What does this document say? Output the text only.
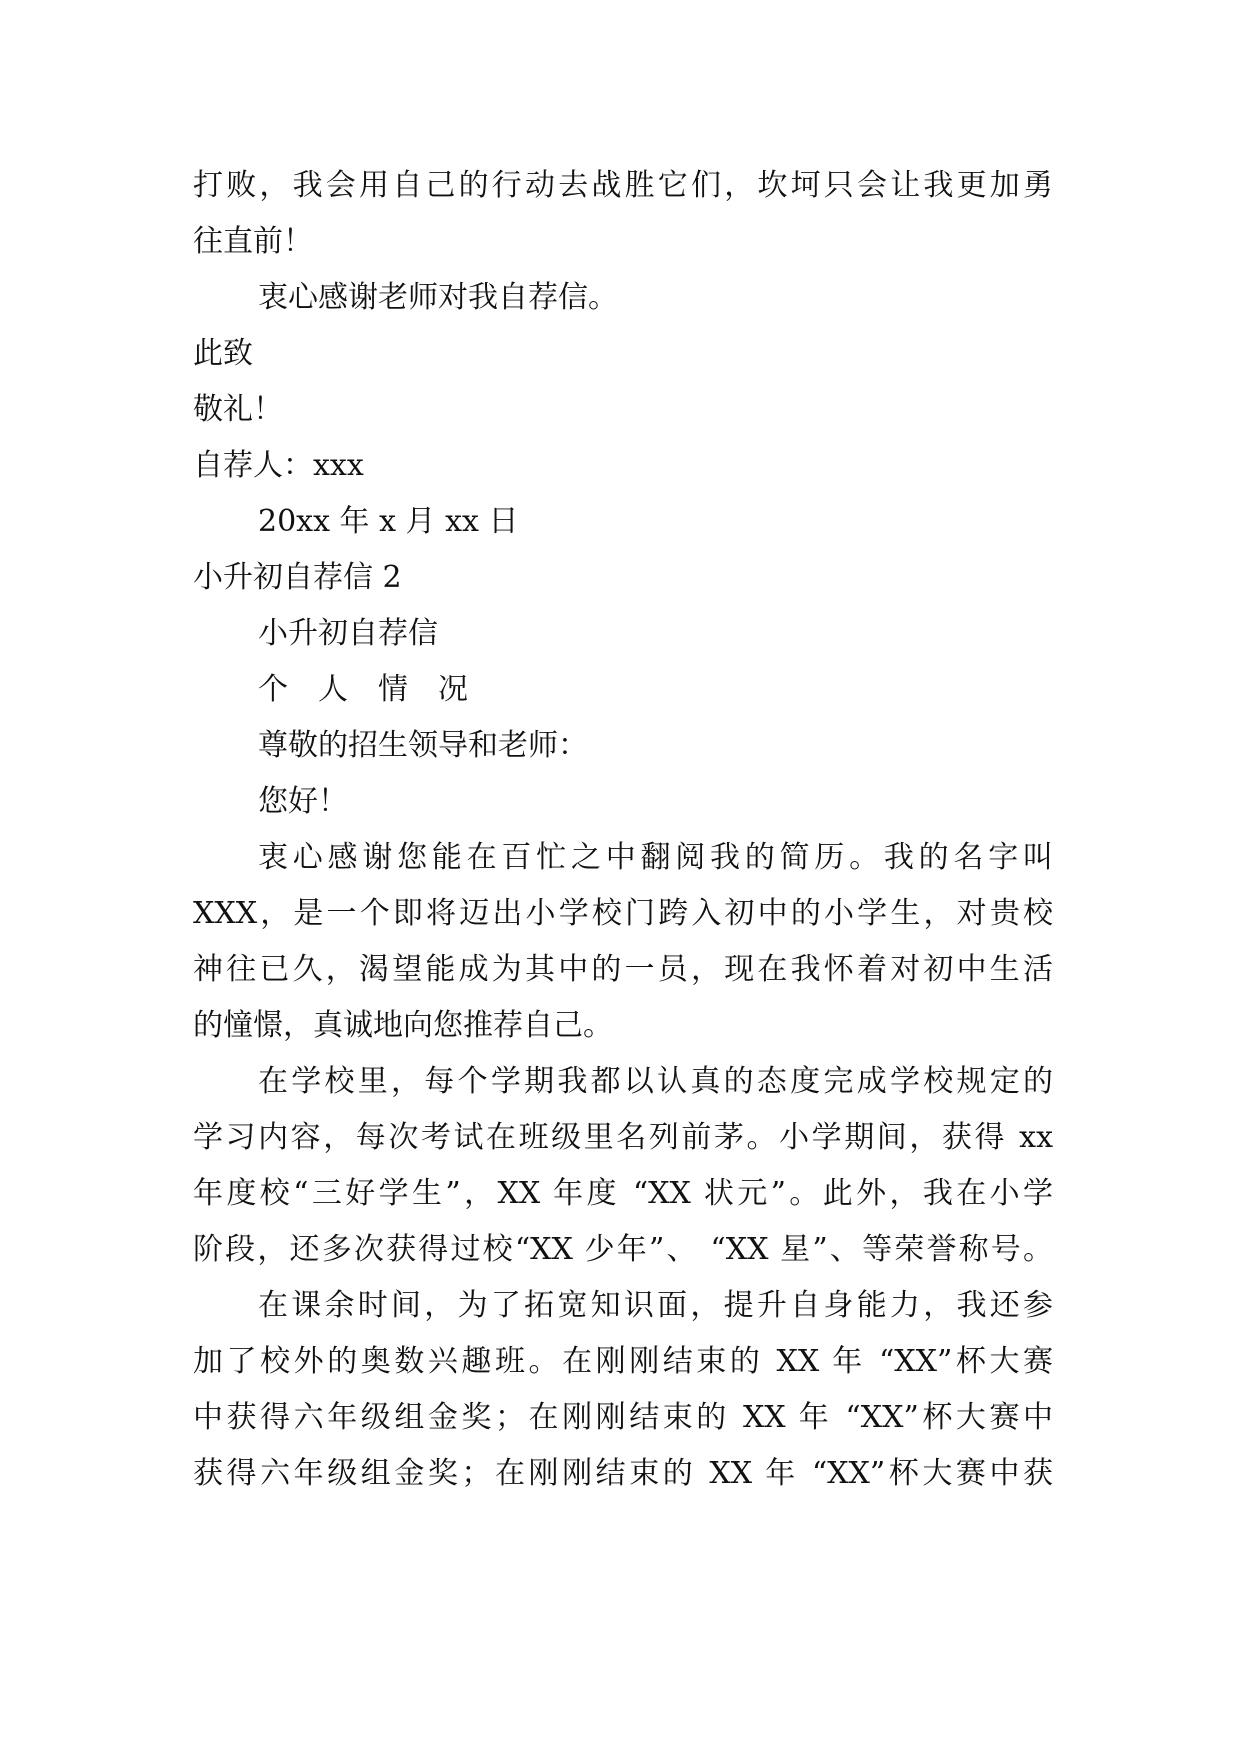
打败，我会用自己的行动去战胜它们，坎坷只会让我更加勇
往直前！
衷心感谢老师对我自荐信。
此致
敬礼！
自荐人：xxx
20xx 年 x 月 xx 日
小升初自荐信 2
小升初自荐信
个　人　情　况
尊敬的招生领导和老师：
您好！
衷心感谢您能在百忙之中翻阅我的简历。我的名字叫
XXX，是一个即将迈出小学校门跨入初中的小学生，对贵校
神往已久，渴望能成为其中的一员，现在我怀着对初中生活
的憧憬，真诚地向您推荐自己。
在学校里，每个学期我都以认真的态度完成学校规定的
学习内容，每次考试在班级里名列前茅。小学期间，获得 xx
年度校“三好学生”，XX 年度 “XX 状元”。此外，我在小学
阶段，还多次获得过校“XX 少年”、 “XX 星”、等荣誉称号。
在课余时间，为了拓宽知识面，提升自身能力，我还参
加了校外的奥数兴趣班。在刚刚结束的 XX 年 “XX”杯大赛
中获得六年级组金奖；在刚刚结束的 XX 年 “XX”杯大赛中
获得六年级组金奖；在刚刚结束的 XX 年 “XX”杯大赛中获
